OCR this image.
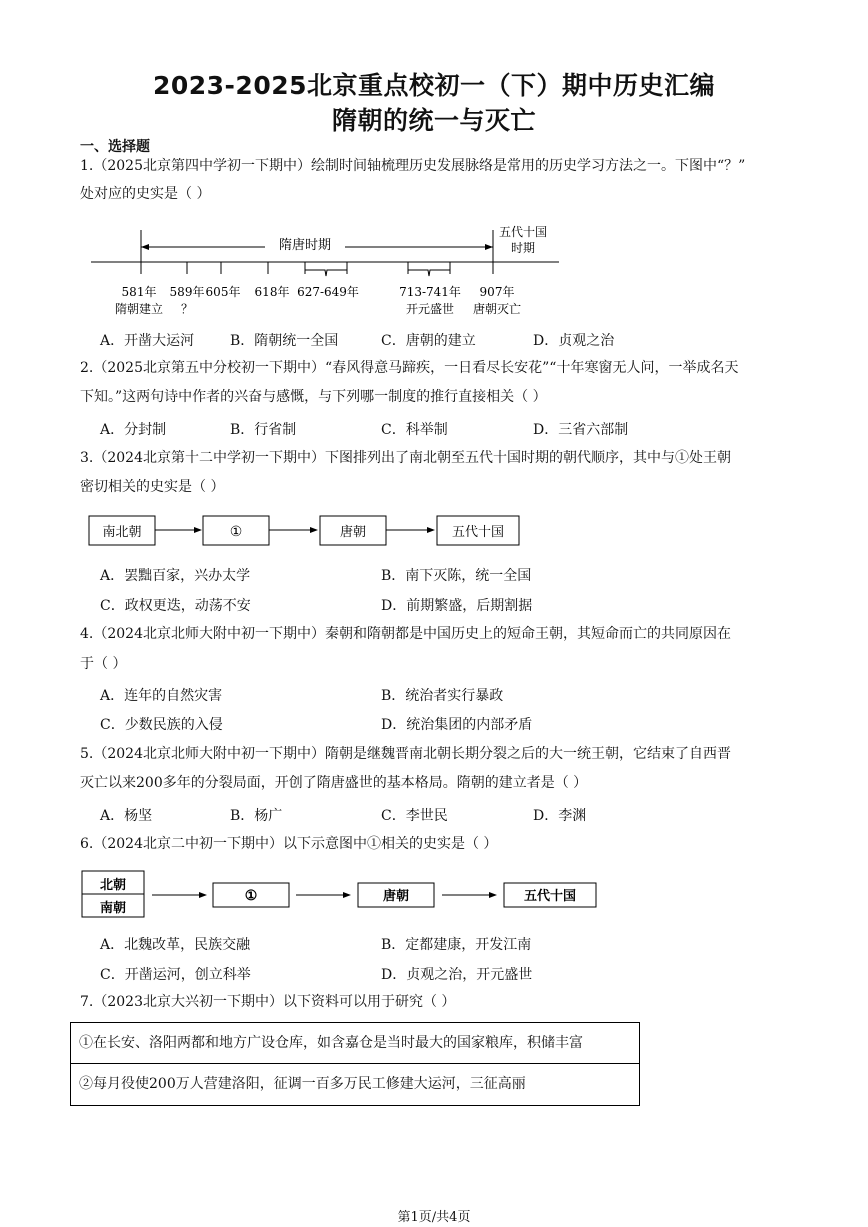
2023-2025北京重点校初一（下）期中历史汇编
隋朝的统一与灭亡
一、选择题
1.（2025北京第四中学初一下期中）绘制时间轴梳理历史发展脉络是常用的历史学习方法之一。下图中“？”
处对应的史实是（ ）
隋唐时期
五代十国
时期
581年 589年 605年 618年 627-649年	713-741年 907年
隋朝建立 ？	开元盛世 唐朝灭亡
A．开凿大运河	B．隋朝统一全国	C．唐朝的建立	D．贞观之治
2.（2025北京第五中分校初一下期中）“春风得意马蹄疾，一日看尽长安花”“十年寒窗无人问，一举成名天
下知。”这两句诗中作者的兴奋与感慨，与下列哪一制度的推行直接相关（ ）
A．分封制	B．行省制	C．科举制	D．三省六部制
3.（2024北京第十二中学初一下期中）下图排列出了南北朝至五代十国时期的朝代顺序，其中与①处王朝
密切相关的史实是（ ）
南北朝	①	唐朝	五代十国
A．罢黜百家，兴办太学	B．南下灭陈，统一全国
C．政权更迭，动荡不安	D．前期繁盛，后期割据
4.（2024北京北师大附中初一下期中）秦朝和隋朝都是中国历史上的短命王朝，其短命而亡的共同原因在
于（ ）
A．连年的自然灾害	B．统治者实行暴政
C．少数民族的入侵	D．统治集团的内部矛盾
5.（2024北京北师大附中初一下期中）隋朝是继魏晋南北朝长期分裂之后的大一统王朝，它结束了自西晋
灭亡以来200多年的分裂局面，开创了隋唐盛世的基本格局。隋朝的建立者是（ ）
A．杨坚	B．杨广	C．李世民	D．李渊
6.（2024北京二中初一下期中）以下示意图中①相关的史实是（ ）
北朝
南朝
①	唐朝	五代十国
A．北魏改革，民族交融	B．定都建康，开发江南
C．开凿运河，创立科举	D．贞观之治，开元盛世
7.（2023北京大兴初一下期中）以下资料可以用于研究（ ）
①在长安、洛阳两都和地方广设仓库，如含嘉仓是当时最大的国家粮库，积储丰富
②每月役使200万人营建洛阳，征调一百多万民工修建大运河，三征高丽
第1页/共4页
